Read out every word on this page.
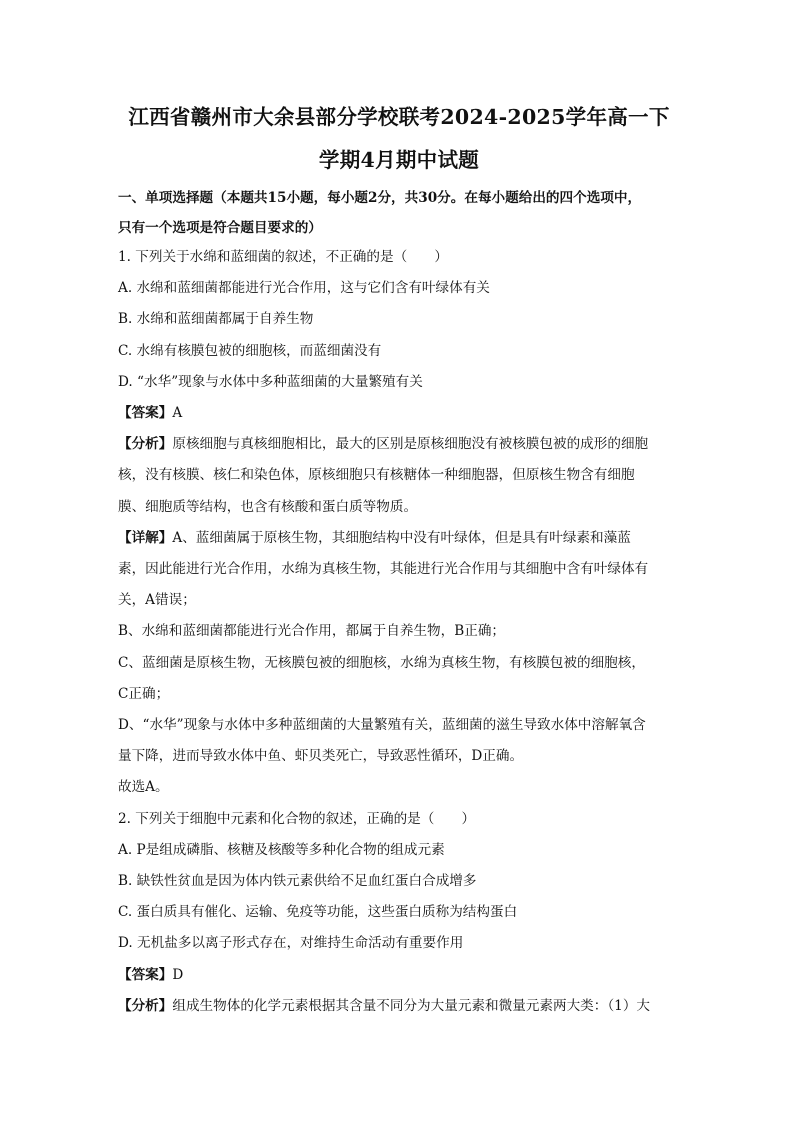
江西省赣州市大余县部分学校联考2024-2025学年高一下
学期4月期中试题

一、单项选择题（本题共15小题，每小题2分，共30分。在每小题给出的四个选项中，

只有一个选项是符合题目要求的）

1. 下列关于水绵和蓝细菌的叙述，不正确的是（　　）

A. 水绵和蓝细菌都能进行光合作用，这与它们含有叶绿体有关

B. 水绵和蓝细菌都属于自养生物

C. 水绵有核膜包被的细胞核，而蓝细菌没有

D. “水华”现象与水体中多种蓝细菌的大量繁殖有关

【答案】A

【分析】原核细胞与真核细胞相比，最大的区别是原核细胞没有被核膜包被的成形的细胞

核，没有核膜、核仁和染色体，原核细胞只有核糖体一种细胞器，但原核生物含有细胞

膜、细胞质等结构，也含有核酸和蛋白质等物质。

【详解】A、蓝细菌属于原核生物，其细胞结构中没有叶绿体，但是具有叶绿素和藻蓝

素，因此能进行光合作用，水绵为真核生物，其能进行光合作用与其细胞中含有叶绿体有

关，A错误；

B、水绵和蓝细菌都能进行光合作用，都属于自养生物，B正确；

C、蓝细菌是原核生物，无核膜包被的细胞核，水绵为真核生物，有核膜包被的细胞核，

C正确；

D、“水华”现象与水体中多种蓝细菌的大量繁殖有关，蓝细菌的滋生导致水体中溶解氧含

量下降，进而导致水体中鱼、虾贝类死亡，导致恶性循环，D正确。

故选A。

2. 下列关于细胞中元素和化合物的叙述，正确的是（　　）

A. P是组成磷脂、核糖及核酸等多种化合物的组成元素

B. 缺铁性贫血是因为体内铁元素供给不足血红蛋白合成增多

C. 蛋白质具有催化、运输、免疫等功能，这些蛋白质称为结构蛋白

D. 无机盐多以离子形式存在，对维持生命活动有重要作用

【答案】D

【分析】组成生物体的化学元素根据其含量不同分为大量元素和微量元素两大类：（1）大
